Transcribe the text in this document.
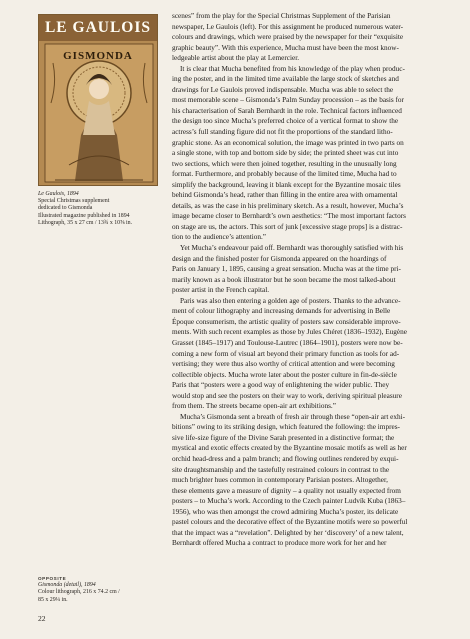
LE GAULOIS
GISMONDA
Le Gaulois, 1894
Special Christmas supplement
dedicated to Gismonda
Illustrated magazine published in 1894
Lithograph, 35 x 27 cm / 13¾ x 10⅝ in.
OPPOSITE
Gismonda (detail), 1894
Colour lithograph, 216 x 74.2 cm /
85 x 29¼ in.
22
scenes” from the play for the Special Christmas Supplement of the Parisian
newspaper, Le Gaulois (left). For this assignment he produced numerous water-
colours and drawings, which were praised by the newspaper for their “exquisite
graphic beauty”. With this experience, Mucha must have been the most know-
ledgeable artist about the play at Lemercier.
It is clear that Mucha benefited from his knowledge of the play when produc-
ing the poster, and in the limited time available the large stock of sketches and
drawings for Le Gaulois proved indispensable. Mucha was able to select the
most memorable scene – Gismonda’s Palm Sunday procession – as the basis for
his characterisation of Sarah Bernhardt in the role. Technical factors influenced
the design too since Mucha’s preferred choice of a vertical format to show the
actress’s full standing figure did not fit the proportions of the standard litho-
graphic stone. As an economical solution, the image was printed in two parts on
a single stone, with top and bottom side by side; the printed sheet was cut into
two sections, which were then joined together, resulting in the unusually long
format. Furthermore, and probably because of the limited time, Mucha had to
simplify the background, leaving it blank except for the Byzantine mosaic tiles
behind Gismonda’s head, rather than filling in the entire area with ornamental
details, as was the case in his preliminary sketch. As a result, however, Mucha’s
image became closer to Bernhardt’s own aesthetics: “The most important factors
on stage are us, the actors. This sort of junk [excessive stage props] is a distrac-
tion to the audience’s attention.”
Yet Mucha’s endeavour paid off. Bernhardt was thoroughly satisfied with his
design and the finished poster for Gismonda appeared on the hoardings of
Paris on January 1, 1895, causing a great sensation. Mucha was at the time pri-
marily known as a book illustrator but he soon became the most talked-about
poster artist in the French capital.
Paris was also then entering a golden age of posters. Thanks to the advance-
ment of colour lithography and increasing demands for advertising in Belle
Époque consumerism, the artistic quality of posters saw considerable improve-
ments. With such recent examples as those by Jules Chéret (1836–1932), Eugène
Grasset (1845–1917) and Toulouse-Lautrec (1864–1901), posters were now be-
coming a new form of visual art beyond their primary function as tools for ad-
vertising; they were thus also worthy of critical attention and were becoming
collectible objects. Mucha wrote later about the poster culture in fin-de-siècle
Paris that “posters were a good way of enlightening the wider public. They
would stop and see the posters on their way to work, deriving spiritual pleasure
from them. The streets became open-air art exhibitions.”
Mucha’s Gismonda sent a breath of fresh air through these “open-air art exhi-
bitions” owing to its striking design, which featured the following: the impres-
sive life-size figure of the Divine Sarah presented in a distinctive format; the
mystical and exotic effects created by the Byzantine mosaic motifs as well as her
orchid head-dress and a palm branch; and flowing outlines rendered by exqui-
site draughtsmanship and the tastefully restrained colours in contrast to the
much brighter hues common in contemporary Parisian posters. Altogether,
these elements gave a measure of dignity – a quality not usually expected from
posters – to Mucha’s work. According to the Czech painter Ludvík Kuba (1863–
1956), who was then amongst the crowd admiring Mucha’s poster, its delicate
pastel colours and the decorative effect of the Byzantine motifs were so powerful
that the impact was a “revelation”. Delighted by her ‘discovery’ of a new talent,
Bernhardt offered Mucha a contract to produce more work for her and her
